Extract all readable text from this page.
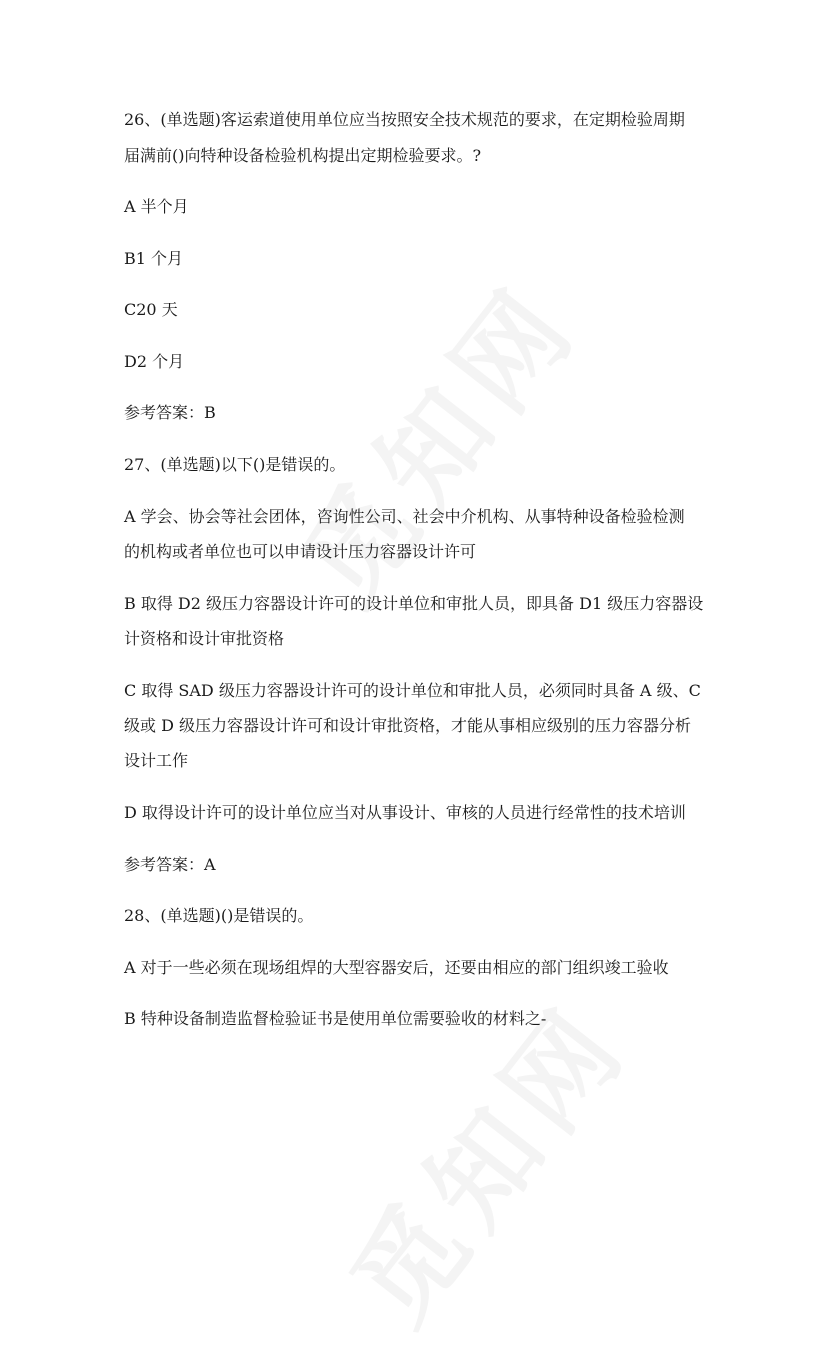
26、(单选题)客运索道使用单位应当按照安全技术规范的要求，在定期检验周期

届满前()向特种设备检验机构提出定期检验要求。?

A 半个月

B1 个月

C20 天

D2 个月

参考答案：B

27、(单选题)以下()是错误的。

A 学会、协会等社会团体，咨询性公司、社会中介机构、从事特种设备检验检测

的机构或者单位也可以申请设计压力容器设计许可

B 取得 D2 级压力容器设计许可的设计单位和审批人员，即具备 D1 级压力容器设

计资格和设计审批资格

C 取得 SAD 级压力容器设计许可的设计单位和审批人员，必须同时具备 A 级、C

级或 D 级压力容器设计许可和设计审批资格，才能从事相应级别的压力容器分析

设计工作

D 取得设计许可的设计单位应当对从事设计、审核的人员进行经常性的技术培训

参考答案：A

28、(单选题)()是错误的。

A 对于一些必须在现场组焊的大型容器安后，还要由相应的部门组织竣工验收

B 特种设备制造监督检验证书是使用单位需要验收的材料之-
